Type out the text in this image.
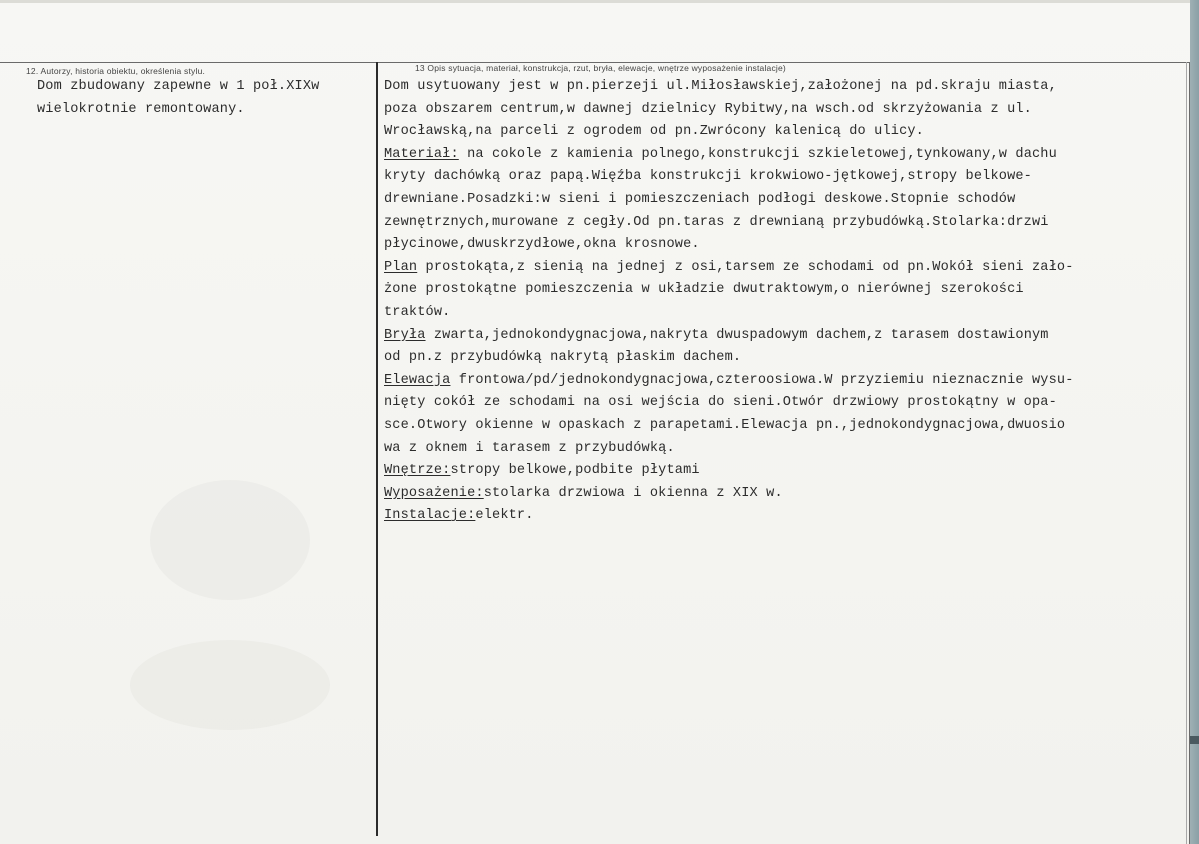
12. Autorzy, historia obiektu, określenia stylu.	13 Opis sytuacja, materiał, konstrukcja, rzut, bryła, elewacje, wnętrze wyposażenie instalacje)
Dom zbudowany zapewne w 1 poł.XIXw
wielokrotnie remontowany.
Dom usytuowany jest w pn.pierzeji ul.Miłosławskiej,założonej na pd.skraju miasta,
poza obszarem centrum,w dawnej dzielnicy Rybitwy,na wsch.od skrzyżowania z ul.
Wrocławską,na parceli z ogrodem od pn.Zwrócony kalenicą do ulicy.
Materiał: na cokole z kamienia polnego,konstrukcji szkieletowej,tynkowany,w dachu
kryty dachówką oraz papą.Więźba konstrukcji krokwiowo-jętkowej,stropy belkowe-
drewniane.Posadzki:w sieni i pomieszczeniach podłogi deskowe.Stopnie schodów
zewnętrznych,murowane z cegły.Od pn.taras z drewnianą przybudówką.Stolarka:drzwi
płycinowe,dwuskrzydłowe,okna krosnowe.
Plan prostokąta,z sienią na jednej z osi,tarsem ze schodami od pn.Wokół sieni zało-
żone prostokątne pomieszczenia w układzie dwutraktowym,o nierównej szerokości
traktów.
Bryła zwarta,jednokondygnacjowa,nakryta dwuspadowym dachem,z tarasem dostawionym
od pn.z przybudówką nakrytą płaskim dachem.
Elewacja frontowa/pd/jednokondygnacjowa,czteroosiowa.W przyziemiu nieznacznie wysu-
nięty cokół ze schodami na osi wejścia do sieni.Otwór drzwiowy prostokątny w opa-
sce.Otwory okienne w opaskach z parapetami.Elewacja pn.,jednokondygnacjowa,dwuosio
wa z oknem i tarasem z przybudówką.
Wnętrze:stropy belkowe,podbite płytami
Wyposażenie:stolarka drzwiowa i okienna z XIX w.
Instalacje:elektr.
